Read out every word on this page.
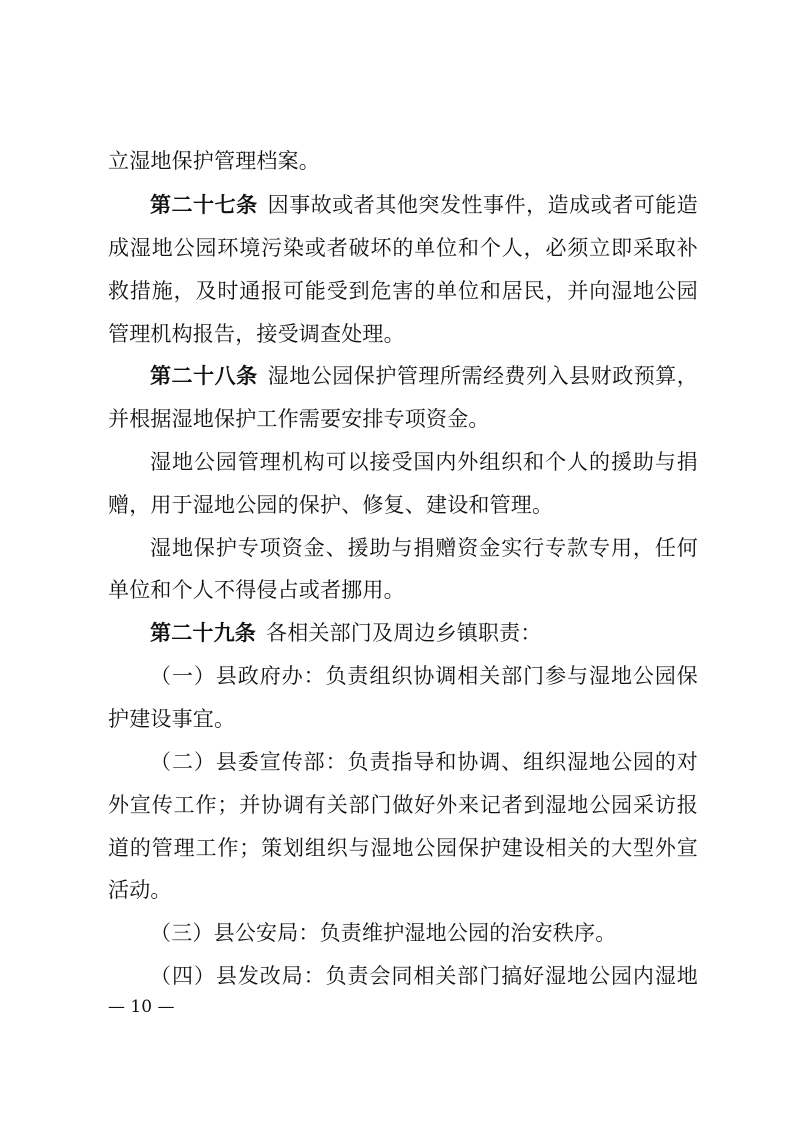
立湿地保护管理档案。
第二十七条 因事故或者其他突发性事件，造成或者可能造
成湿地公园环境污染或者破坏的单位和个人，必须立即采取补
救措施，及时通报可能受到危害的单位和居民，并向湿地公园
管理机构报告，接受调查处理。
第二十八条 湿地公园保护管理所需经费列入县财政预算，
并根据湿地保护工作需要安排专项资金。
湿地公园管理机构可以接受国内外组织和个人的援助与捐
赠，用于湿地公园的保护、修复、建设和管理。
湿地保护专项资金、援助与捐赠资金实行专款专用，任何
单位和个人不得侵占或者挪用。
第二十九条 各相关部门及周边乡镇职责：
（一）县政府办：负责组织协调相关部门参与湿地公园保
护建设事宜。
（二）县委宣传部：负责指导和协调、组织湿地公园的对
外宣传工作；并协调有关部门做好外来记者到湿地公园采访报
道的管理工作；策划组织与湿地公园保护建设相关的大型外宣
活动。
（三）县公安局：负责维护湿地公园的治安秩序。
（四）县发改局：负责会同相关部门搞好湿地公园内湿地
— 10 —
